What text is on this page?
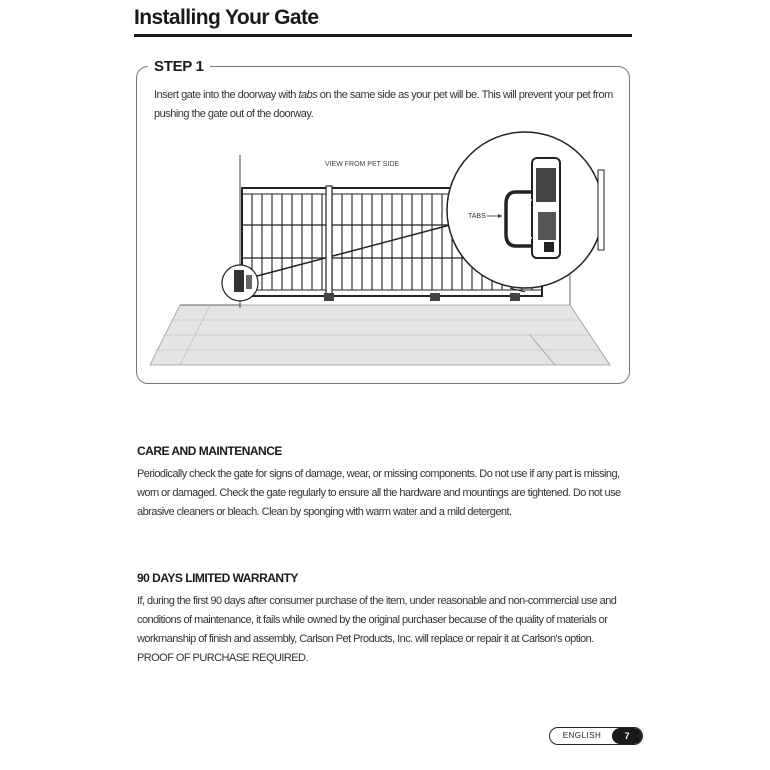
Installing Your Gate

STEP 1

Insert gate into the doorway with tabs on the same side as your pet will be. This will prevent your pet from pushing the gate out of the doorway.

VIEW FROM PET SIDE
TABS
CARE AND MAINTENANCE

Periodically check the gate for signs of damage, wear, or missing components. Do not use if any part is missing, worn or damaged. Check the gate regularly to ensure all the hardware and mountings are tightened. Do not use abrasive cleaners or bleach. Clean by sponging with warm water and a mild detergent.

90 DAYS LIMITED WARRANTY

If, during the first 90 days after consumer purchase of the item, under reasonable and non-commercial use and conditions of maintenance, it fails while owned by the original purchaser because of the quality of materials or workmanship of finish and assembly, Carlson Pet Products, Inc. will replace or repair it at Carlson's option. PROOF OF PURCHASE REQUIRED.

ENGLISH	7
